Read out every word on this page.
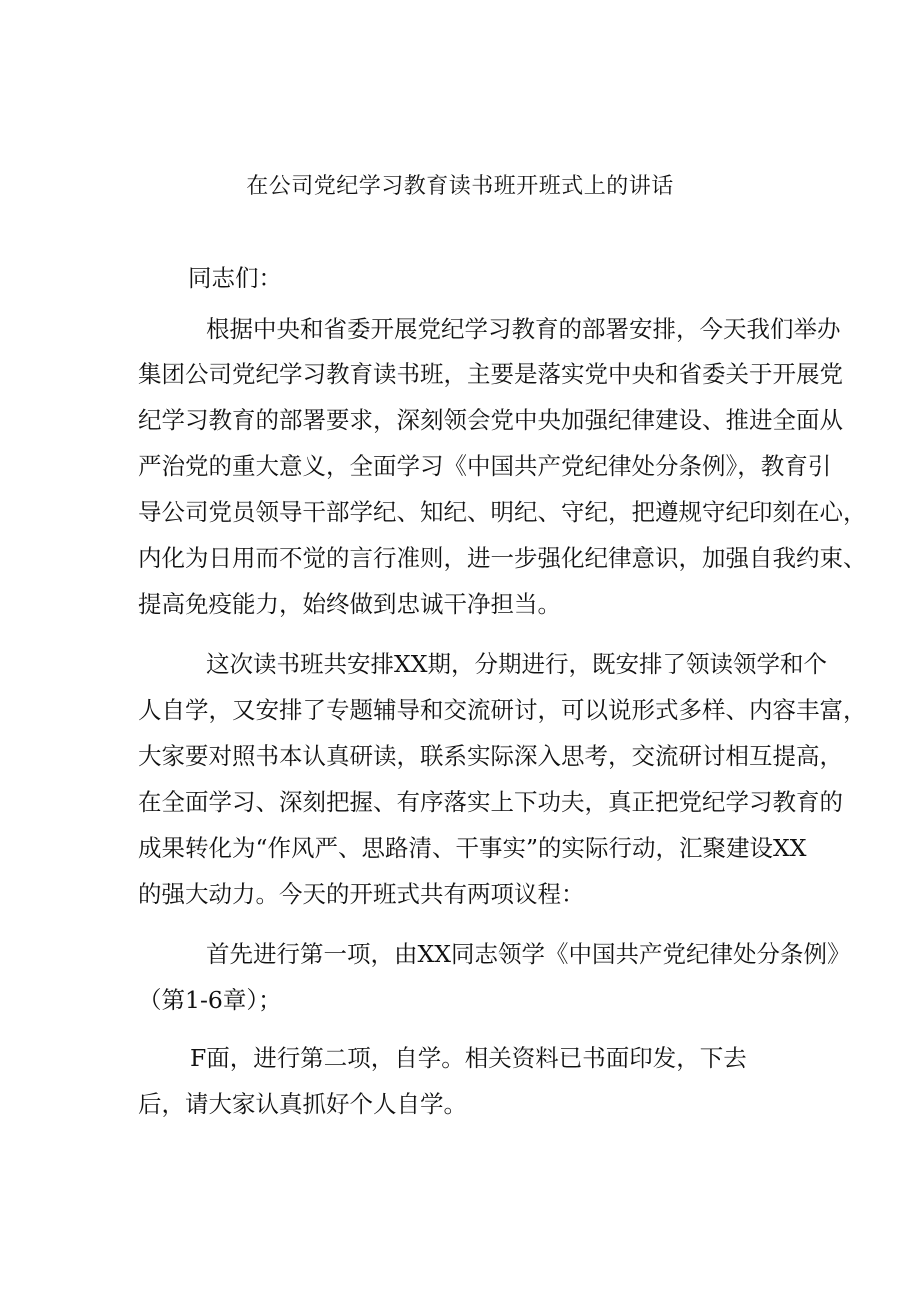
在公司党纪学习教育读书班开班式上的讲话
同志们：
根据中央和省委开展党纪学习教育的部署安排，今天我们举办
集团公司党纪学习教育读书班，主要是落实党中央和省委关于开展党
纪学习教育的部署要求，深刻领会党中央加强纪律建设、推进全面从
严治党的重大意义，全面学习《中国共产党纪律处分条例》，教育引
导公司党员领导干部学纪、知纪、明纪、守纪，把遵规守纪印刻在心，
内化为日用而不觉的言行准则，进一步强化纪律意识，加强自我约束、
提高免疫能力，始终做到忠诚干净担当。
这次读书班共安排XX期，分期进行，既安排了领读领学和个
人自学，又安排了专题辅导和交流研讨，可以说形式多样、内容丰富，
大家要对照书本认真研读，联系实际深入思考，交流研讨相互提高，
在全面学习、深刻把握、有序落实上下功夫，真正把党纪学习教育的
成果转化为“作风严、思路清、干事实”的实际行动，汇聚建设XX
的强大动力。今天的开班式共有两项议程：
首先进行第一项，由XX同志领学《中国共产党纪律处分条例》
（第1-6章）；
F面，进行第二项，自学。相关资料已书面印发，下去
后，请大家认真抓好个人自学。
